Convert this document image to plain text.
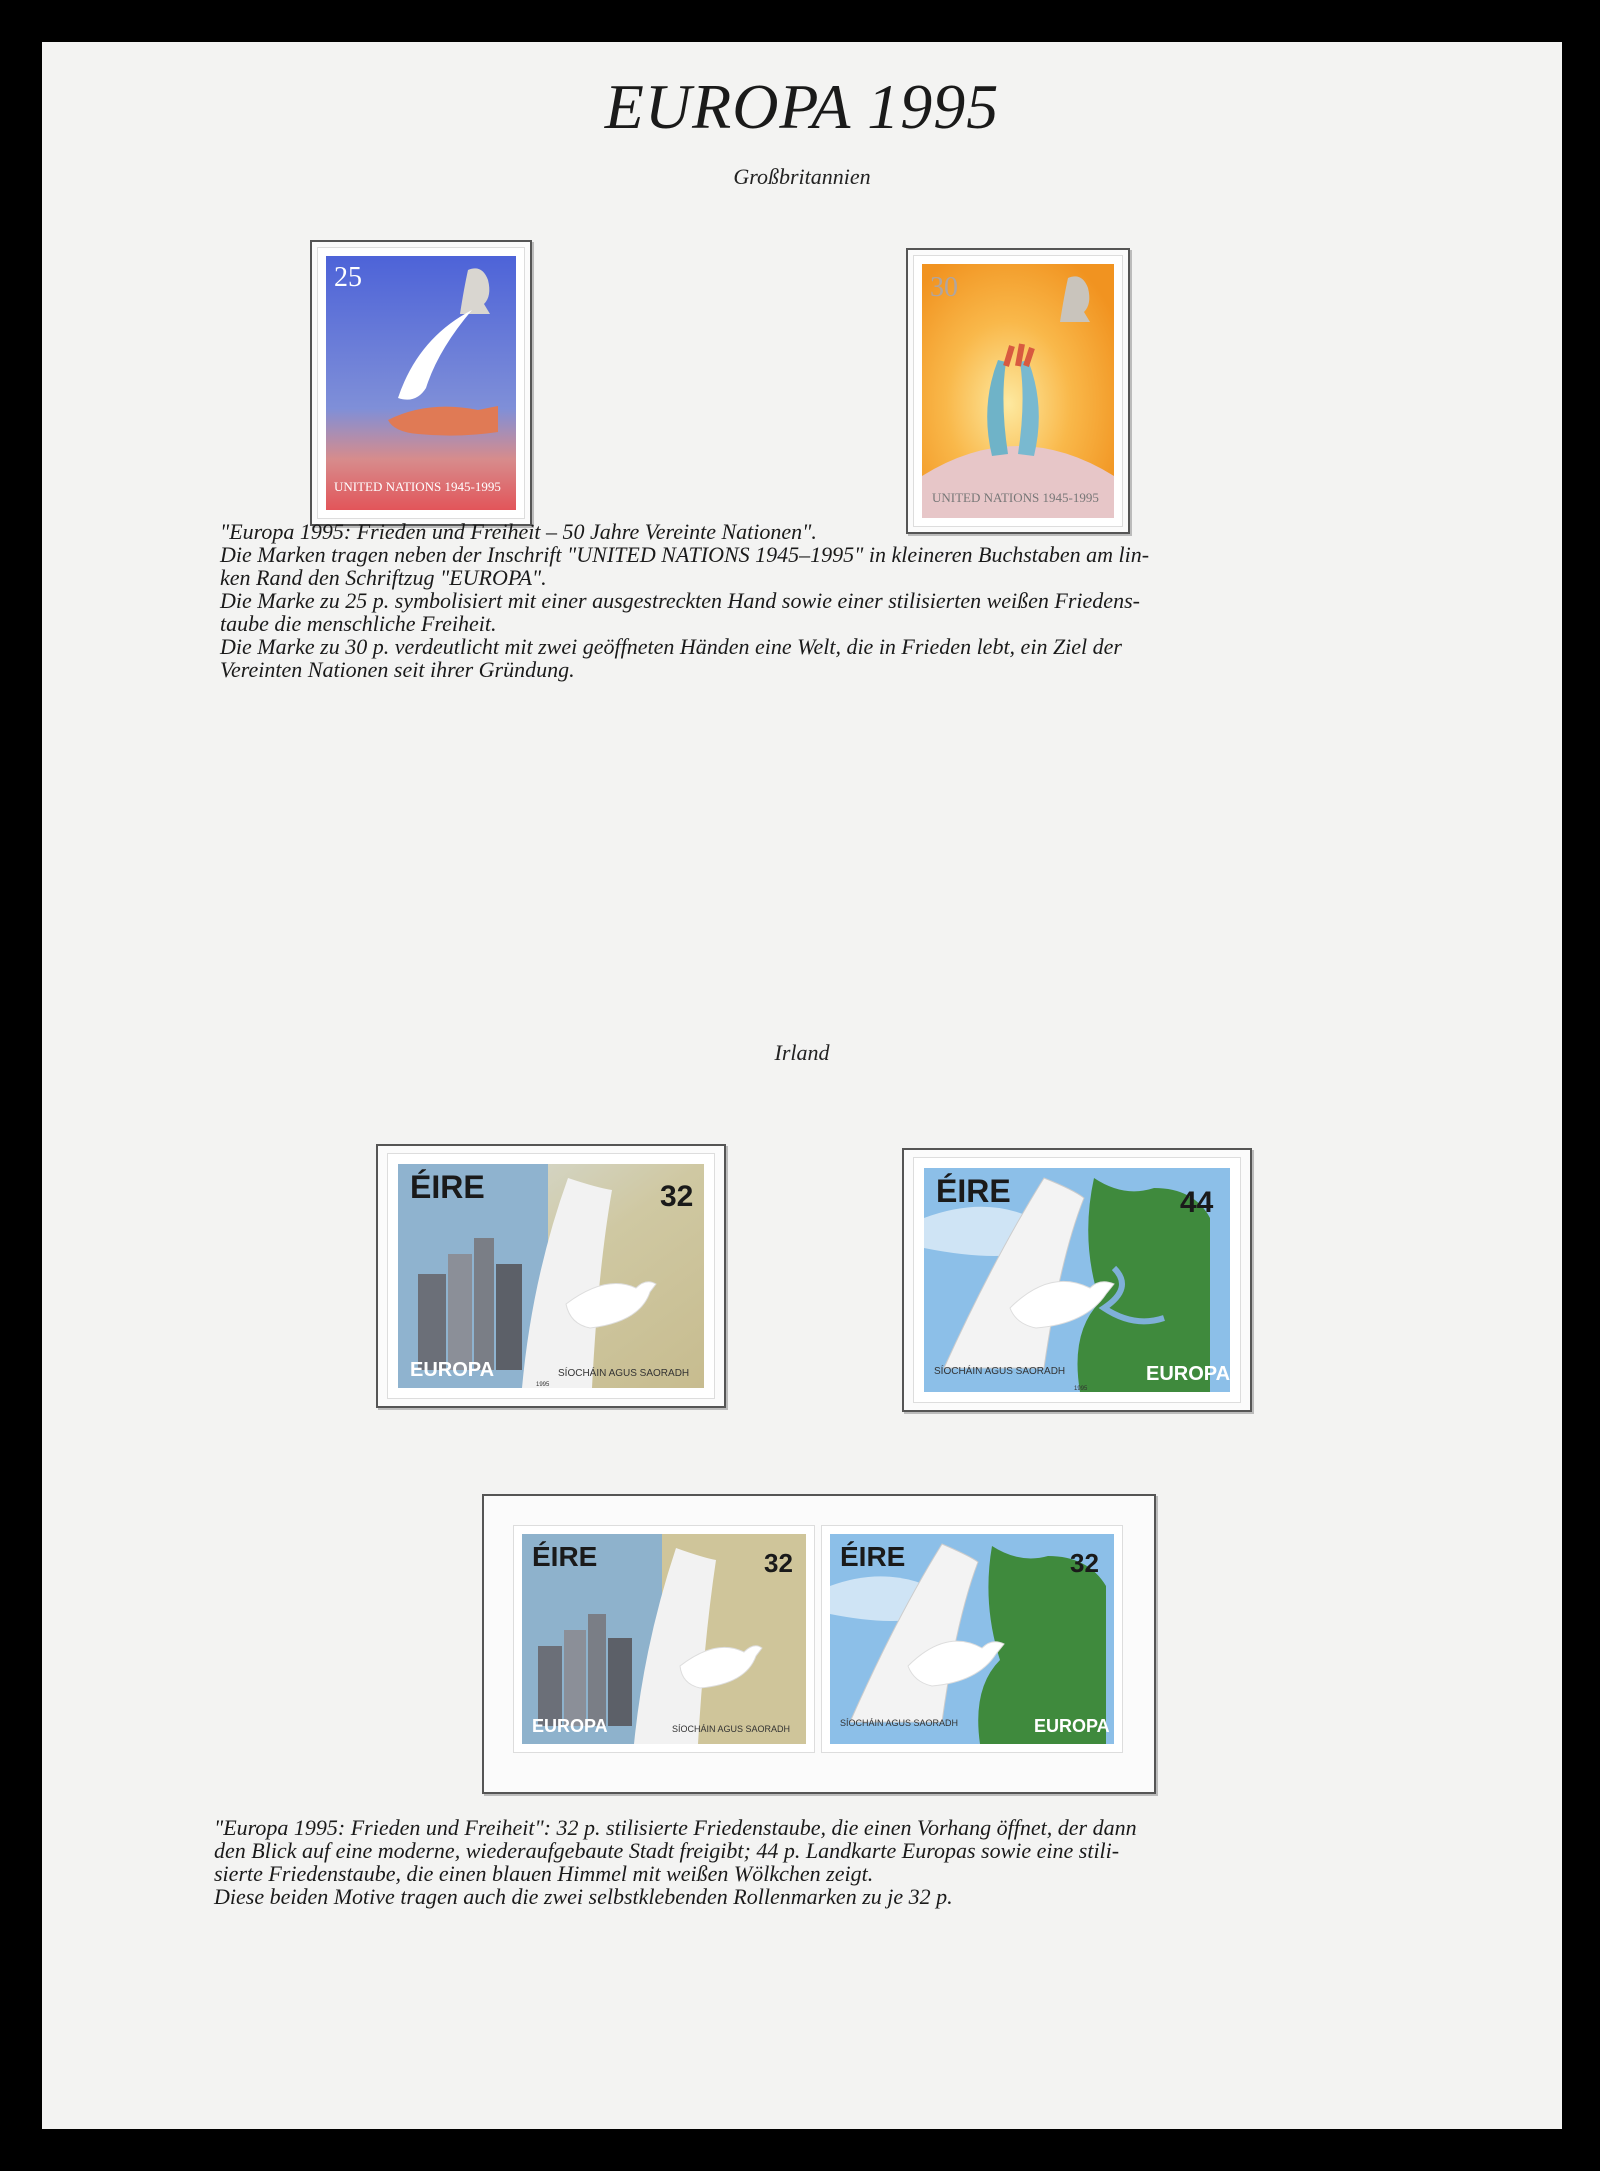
EUROPA 1995
Großbritannien
25
UNITED NATIONS 1945-1995
30
UNITED NATIONS 1945-1995

"Europa 1995: Frieden und Freiheit – 50 Jahre Vereinte Nationen".

Die Marken tragen neben der Inschrift "UNITED NATIONS 1945–1995" in kleineren Buchstaben am lin-

ken Rand den Schriftzug "EUROPA".

Die Marke zu 25 p. symbolisiert mit einer ausgestreckten Hand sowie einer stilisierten weißen Friedens-

taube die menschliche Freiheit.

Die Marke zu 30 p. verdeutlicht mit zwei geöffneten Händen eine Welt, die in Frieden lebt, ein Ziel der

Vereinten Nationen seit ihrer Gründung.

Irland
ÉIRE	32
EUROPA	SÍOCHÁIN AGUS SAORADH
1995
ÉIRE	44
EUROPA
SÍOCHÁIN AGUS SAORADH
1995
ÉIRE	32
EUROPA	SÍOCHÁIN AGUS SAORADH
ÉIRE	32
EUROPA
SÍOCHÁIN AGUS SAORADH

"Europa 1995: Frieden und Freiheit": 32 p. stilisierte Friedenstaube, die einen Vorhang öffnet, der dann

den Blick auf eine moderne, wiederaufgebaute Stadt freigibt; 44 p. Landkarte Europas sowie eine stili-

sierte Friedenstaube, die einen blauen Himmel mit weißen Wölkchen zeigt.

Diese beiden Motive tragen auch die zwei selbstklebenden Rollenmarken zu je 32 p.
